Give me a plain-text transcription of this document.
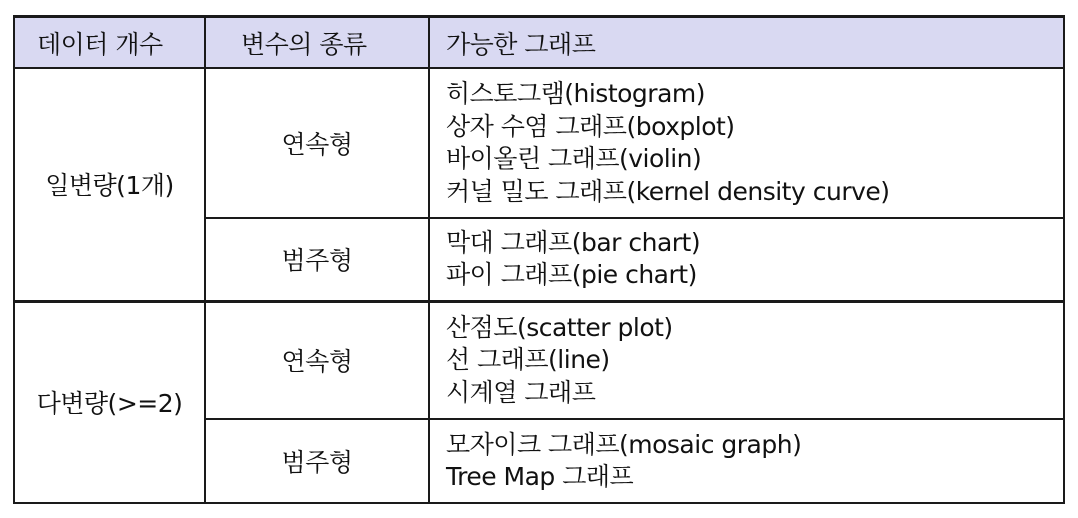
데이터 개수	변수의 종류	가능한 그래프
일변량(1개)	연속형	히스토그램(histogram)
상자 수염 그래프(boxplot)
바이올린 그래프(violin)
커널 밀도 그래프(kernel density curve)

	범주형	막대 그래프(bar chart)
파이 그래프(pie chart)

다변량(>=2)	연속형	산점도(scatter plot)
선 그래프(line)
시계열 그래프

	범주형	모자이크 그래프(mosaic graph)
Tree Map 그래프
